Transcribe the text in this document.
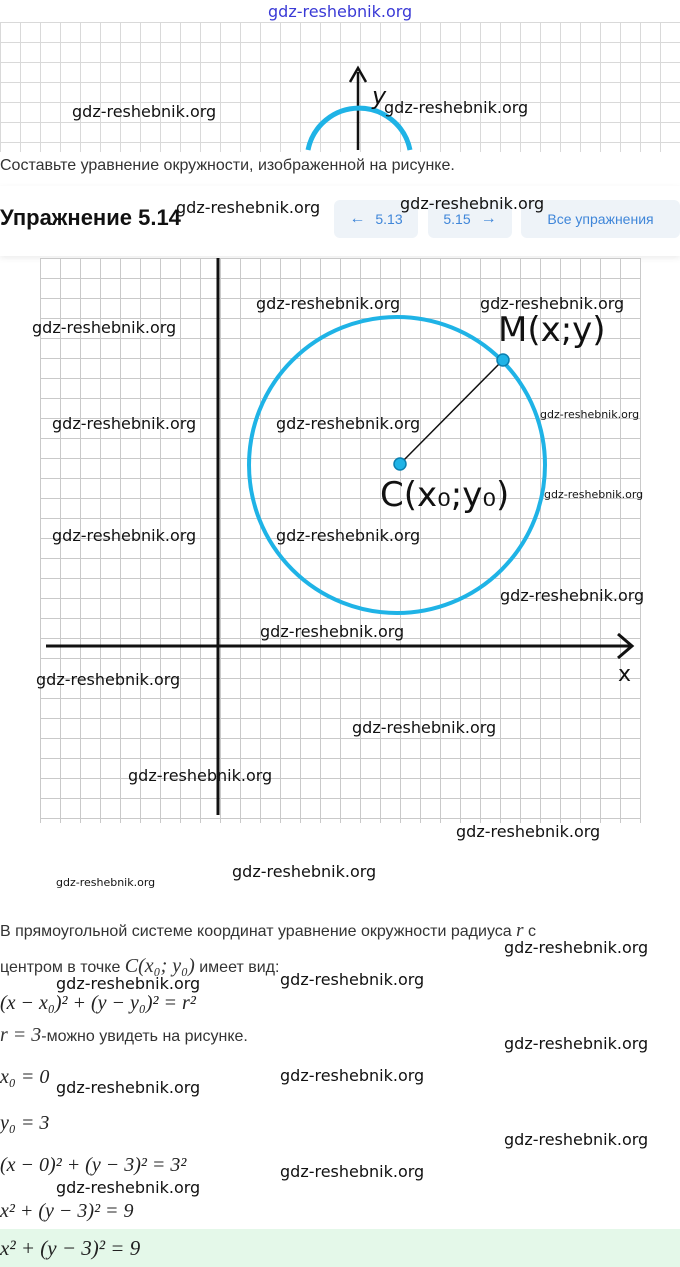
y
Составьте уравнение окружности, изображенной на рисунке.
Упражнение 5.14	← 5.13	5.15 →	Все упражнения
M(x;y)
C(x₀;y₀)
x
В прямоугольной системе координат уравнение окружности радиуса r с
центром в точке C(x₀; y₀) имеет вид:
(x − x₀)² + (y − y₀)² = r²
r = 3-можно увидеть на рисунке.
x₀ = 0
y₀ = 3
(x − 0)² + (y − 3)² = 3²
x² + (y − 3)² = 9
x² + (y − 3)² = 9
gdz-reshebnik.org
gdz-reshebnik.org	gdz-reshebnik.org
gdz-reshebnik.org	gdz-reshebnik.org
gdz-reshebnik.org	gdz-reshebnik.org
gdz-reshebnik.org
gdz-reshebnik.org
gdz-reshebnik.org	gdz-reshebnik.org
gdz-reshebnik.org
gdz-reshebnik.org	gdz-reshebnik.org
gdz-reshebnik.org
gdz-reshebnik.org
gdz-reshebnik.org
gdz-reshebnik.org
gdz-reshebnik.org
gdz-reshebnik.org
gdz-reshebnik.org
gdz-reshebnik.org
gdz-reshebnik.org
gdz-reshebnik.org
gdz-reshebnik.org
gdz-reshebnik.org
gdz-reshebnik.org
gdz-reshebnik.org
gdz-reshebnik.org
gdz-reshebnik.org
gdz-reshebnik.org
